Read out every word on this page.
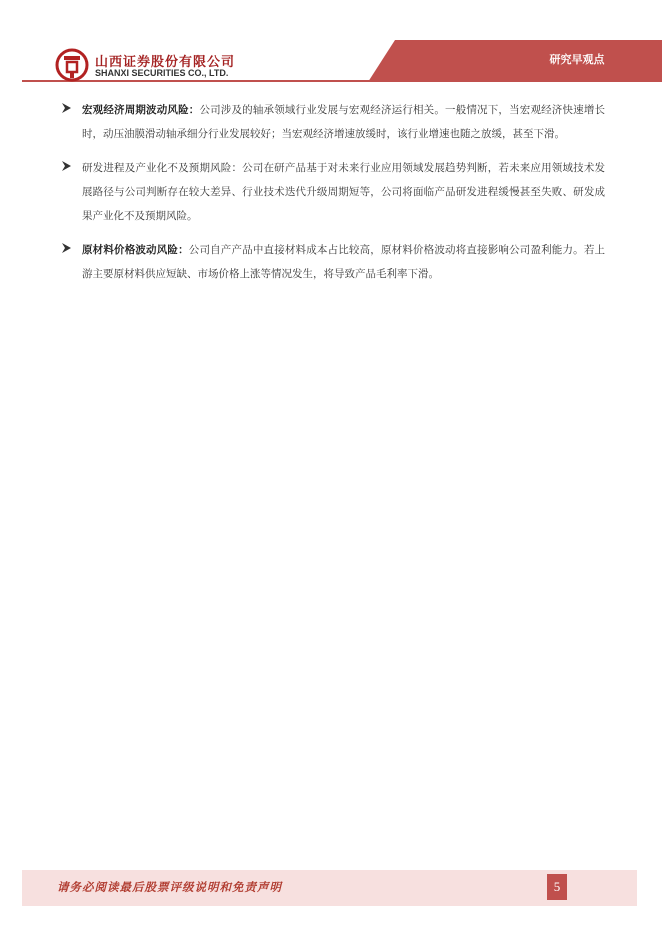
山西证券股份有限公司
SHANXI SECURITIES CO., LTD.
研究早观点

宏观经济周期波动风险：公司涉及的轴承领域行业发展与宏观经济运行相关。一般情况下，当宏观经济快速增长时，动压油膜滑动轴承细分行业发展较好；当宏观经济增速放缓时，该行业增速也随之放缓，甚至下滑。

研发进程及产业化不及预期风险：公司在研产品基于对未来行业应用领域发展趋势判断，若未来应用领域技术发展路径与公司判断存在较大差异、行业技术迭代升级周期短等，公司将面临产品研发进程缓慢甚至失败、研发成果产业化不及预期风险。

原材料价格波动风险：公司自产产品中直接材料成本占比较高，原材料价格波动将直接影响公司盈利能力。若上游主要原材料供应短缺、市场价格上涨等情况发生，将导致产品毛利率下滑。

请务必阅读最后股票评级说明和免责声明	5
